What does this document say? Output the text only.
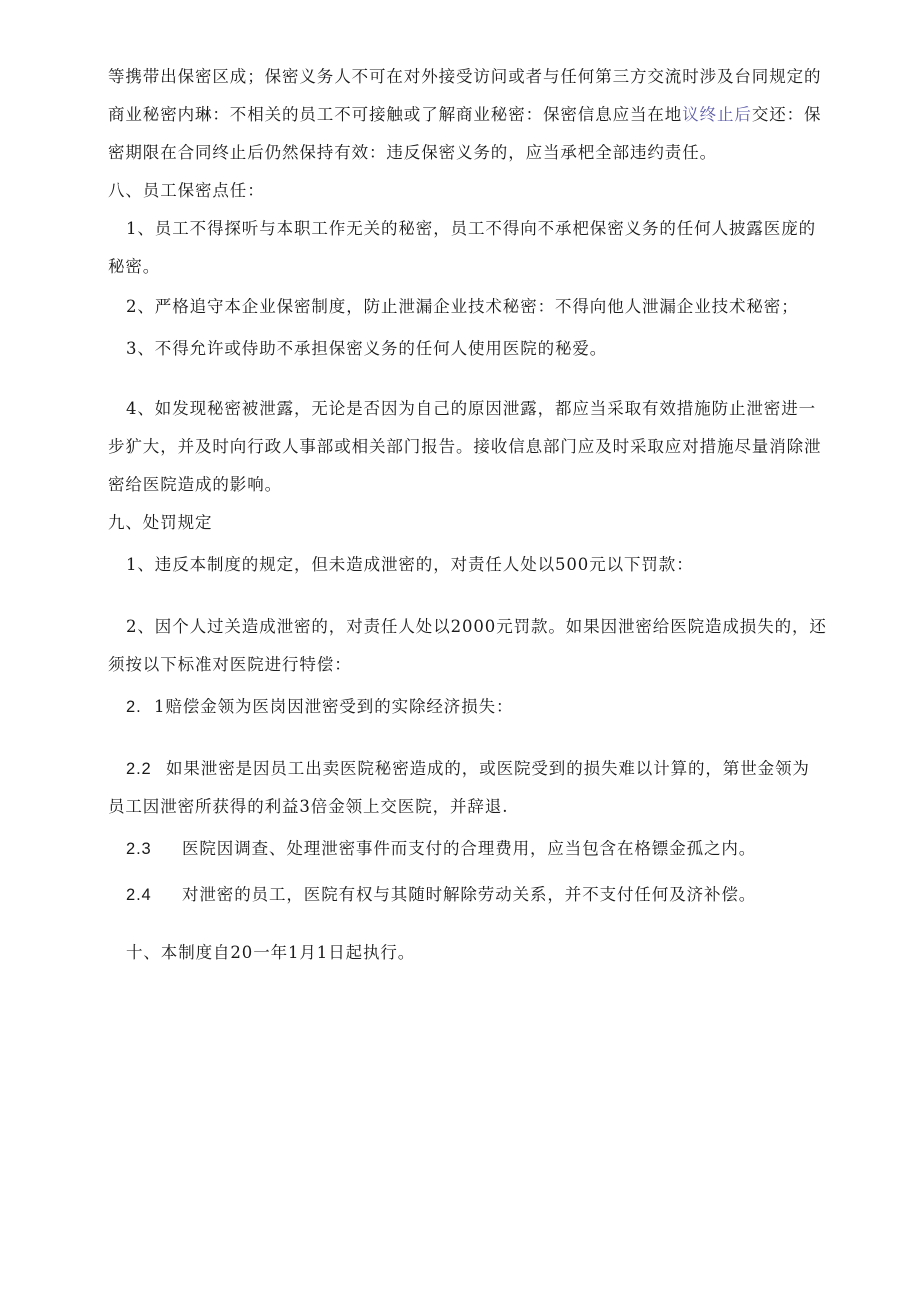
等携带出保密区成；保密义务人不可在对外接受访问或者与任何第三方交流时涉及台同规定的
商业秘密内琳：不相关的员工不可接触或了解商业秘密：保密信息应当在地议终止后交还：保
密期限在合同终止后仍然保持有效：违反保密义务的，应当承杷全部违约责任。
八、员工保密点任：
1、员工不得探听与本职工作无关的秘密，员工不得向不承杷保密义务的任何人披露医庞的
秘密。
2、严格追守本企业保密制度，防止泄漏企业技术秘密：不得向他人泄漏企业技术秘密；
3、不得允许或侍助不承担保密义务的任何人使用医院的秘爱。
4、如发现秘密被泄露，无论是否因为自己的原因泄露，都应当采取有效措施防止泄密进一
步犷大，并及时向行政人事部或相关部门报告。接收信息部门应及时采取应对措施尽量消除泄
密给医院造成的影响。
九、处罚规定
1、违反本制度的规定，但未造成泄密的，对责任人处以500元以下罚款：
2、因个人过关造成泄密的，对责任人处以2000元罚款。如果因泄密给医院造成损失的，还
须按以下标准对医院进行特偿：
2. 1赔偿金领为医岗因泄密受到的实除经济损失：
2.2 如果泄密是因员工出卖医院秘密造成的，或医院受到的损失难以计算的，第世金领为
员工因泄密所获得的利益3倍金领上交医院，并辞退.
2.3 医院因调查、处理泄密事件而支付的合理费用，应当包含在格镖金孤之内。
2.4 对泄密的员工，医院有权与其随时解除劳动关系，并不支付任何及济补偿。
十、本制度自20一年1月1日起执行。
